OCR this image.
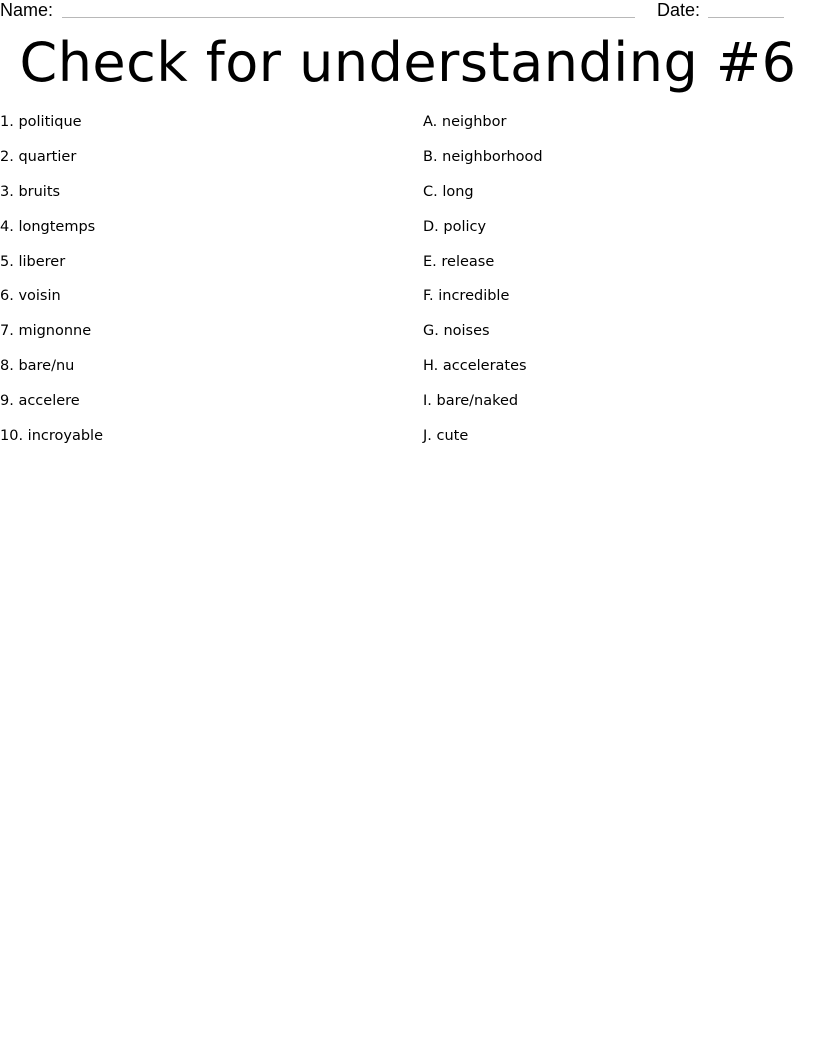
Name:	Date:
Check for understanding #6
1. politique
2. quartier
3. bruits
4. longtemps
5. liberer
6. voisin
7. mignonne
8. bare/nu
9. accelere
10. incroyable
A. neighbor
B. neighborhood
C. long
D. policy
E. release
F. incredible
G. noises
H. accelerates
I. bare/naked
J. cute
